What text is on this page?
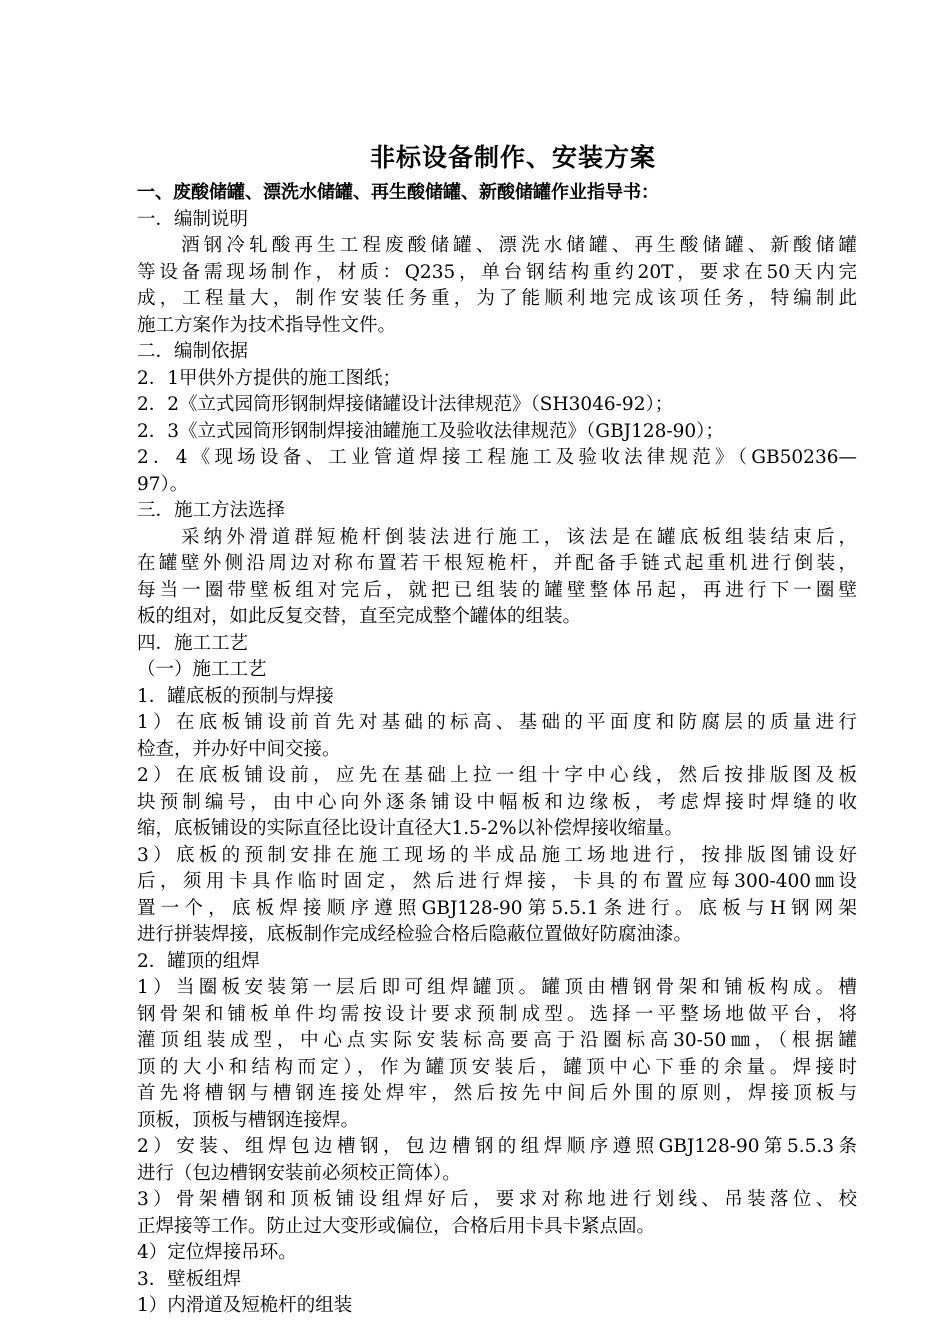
非标设备制作、安装方案
一、废酸储罐、漂洗水储罐、再生酸储罐、新酸储罐作业指导书：
一．编制说明
酒钢冷轧酸再生工程废酸储罐、漂洗水储罐、再生酸储罐、新酸储罐
等设备需现场制作，材质：Q235，单台钢结构重约20T，要求在50天内完
成，工程量大，制作安装任务重，为了能顺利地完成该项任务，特编制此
施工方案作为技术指导性文件。
二．编制依据
2．1甲供外方提供的施工图纸；
2．2《立式园筒形钢制焊接储罐设计法律规范》（SH3046-92）；
2．3《立式园筒形钢制焊接油罐施工及验收法律规范》（GBJ128-90）；
2．4《现场设备、工业管道焊接工程施工及验收法律规范》（GB50236—
97）。
三．施工方法选择
采纳外滑道群短桅杆倒装法进行施工，该法是在罐底板组装结束后，
在罐壁外侧沿周边对称布置若干根短桅杆，并配备手链式起重机进行倒装，
每当一圈带壁板组对完后，就把已组装的罐壁整体吊起，再进行下一圈壁
板的组对，如此反复交替，直至完成整个罐体的组装。
四．施工工艺
（一）施工工艺
1．罐底板的预制与焊接
1）在底板铺设前首先对基础的标高、基础的平面度和防腐层的质量进行
检查，并办好中间交接。
2）在底板铺设前，应先在基础上拉一组十字中心线，然后按排版图及板
块预制编号，由中心向外逐条铺设中幅板和边缘板，考虑焊接时焊缝的收
缩，底板铺设的实际直径比设计直径大1.5-2%以补偿焊接收缩量。
3）底板的预制安排在施工现场的半成品施工场地进行，按排版图铺设好
后，须用卡具作临时固定，然后进行焊接，卡具的布置应每300-400㎜设
置一个，底板焊接顺序遵照GBJ128-90第5.5.1条进行。底板与H钢网架
进行拼装焊接，底板制作完成经检验合格后隐蔽位置做好防腐油漆。
2．罐顶的组焊
1）当圈板安装第一层后即可组焊罐顶。罐顶由槽钢骨架和铺板构成。槽
钢骨架和铺板单件均需按设计要求预制成型。选择一平整场地做平台，将
灌顶组装成型，中心点实际安装标高要高于沿圈标高30-50㎜，（根据罐
顶的大小和结构而定），作为罐顶安装后，罐顶中心下垂的余量。焊接时
首先将槽钢与槽钢连接处焊牢，然后按先中间后外围的原则，焊接顶板与
顶板，顶板与槽钢连接焊。
2）安装、组焊包边槽钢，包边槽钢的组焊顺序遵照GBJ128-90第5.5.3条
进行（包边槽钢安装前必须校正筒体）。
3）骨架槽钢和顶板铺设组焊好后，要求对称地进行划线、吊装落位、校
正焊接等工作。防止过大变形或偏位，合格后用卡具卡紧点固。
4）定位焊接吊环。
3．壁板组焊
1）内滑道及短桅杆的组装
